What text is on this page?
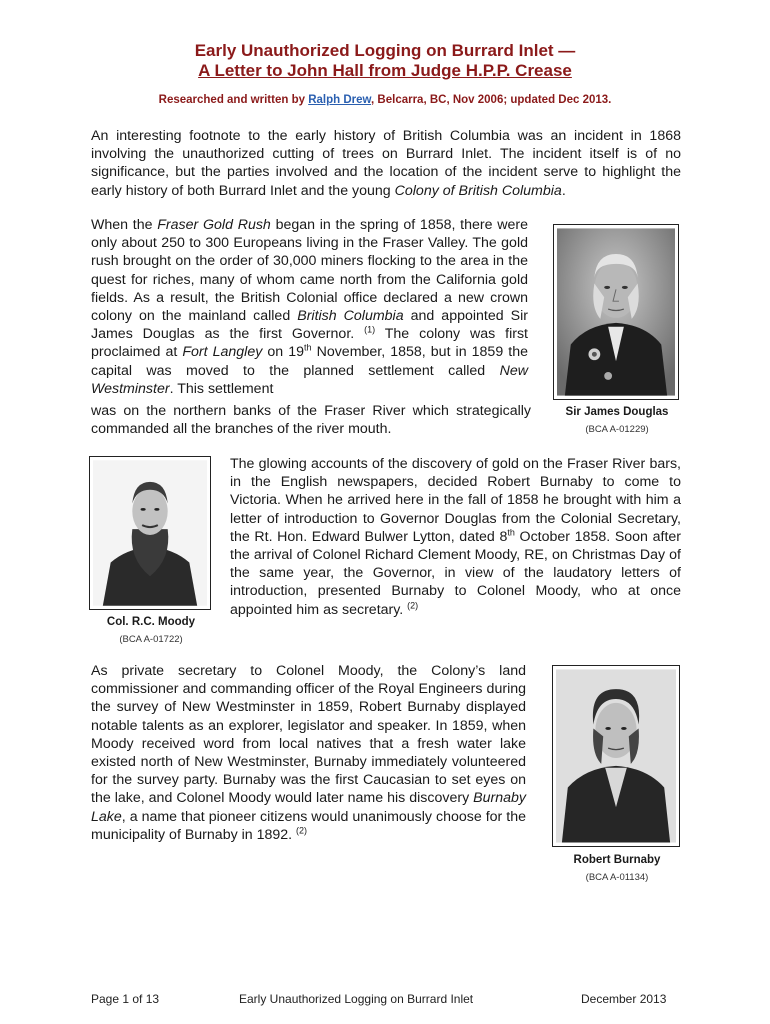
Early Unauthorized Logging on Burrard Inlet —
A Letter to John Hall from Judge H.P.P. Crease
Researched and written by Ralph Drew, Belcarra, BC, Nov 2006; updated Dec 2013.

An interesting footnote to the early history of British Columbia was an incident in 1868 involving the unauthorized cutting of trees on Burrard Inlet. The incident itself is of no significance, but the parties involved and the location of the incident serve to highlight the early history of both Burrard Inlet and the young Colony of British Columbia.

When the Fraser Gold Rush began in the spring of 1858, there were only about 250 to 300 Europeans living in the Fraser Valley. The gold rush brought on the order of 30,000 miners flocking to the area in the quest for riches, many of whom came north from the California gold fields. As a result, the British Colonial office declared a new crown colony on the mainland called British Columbia and appointed Sir James Douglas as the first Governor. $^{(1)}$ The colony was first proclaimed at Fort Langley on 19th November, 1858, but in 1859 the capital was moved to the planned settlement called New Westminster. This settlement

was on the northern banks of the Fraser River which strategically commanded all the branches of the river mouth.

Sir James Douglas
(BCA A-01229)
Col. R.C. Moody
(BCA A-01722)

The glowing accounts of the discovery of gold on the Fraser River bars, in the English newspapers, decided Robert Burnaby to come to Victoria. When he arrived here in the fall of 1858 he brought with him a letter of introduction to Governor Douglas from the Colonial Secretary, the Rt. Hon. Edward Bulwer Lytton, dated 8th October 1858. Soon after the arrival of Colonel Richard Clement Moody, RE, on Christmas Day of the same year, the Governor, in view of the laudatory letters of introduction, presented Burnaby to Colonel Moody, who at once appointed him as secretary. $^{(2)}$

As private secretary to Colonel Moody, the Colony’s land commissioner and commanding officer of the Royal Engineers during the survey of New Westminster in 1859, Robert Burnaby displayed notable talents as an explorer, legislator and speaker. In 1859, when Moody received word from local natives that a fresh water lake existed north of New Westminster, Burnaby immediately volunteered for the survey party. Burnaby was the first Caucasian to set eyes on the lake, and Colonel Moody would later name his discovery Burnaby Lake, a name that pioneer citizens would unanimously choose for the municipality of Burnaby in 1892. $^{(2)}$

Robert Burnaby
(BCA A-01134)
Page 1 of 13	Early Unauthorized Logging on Burrard Inlet	December 2013
